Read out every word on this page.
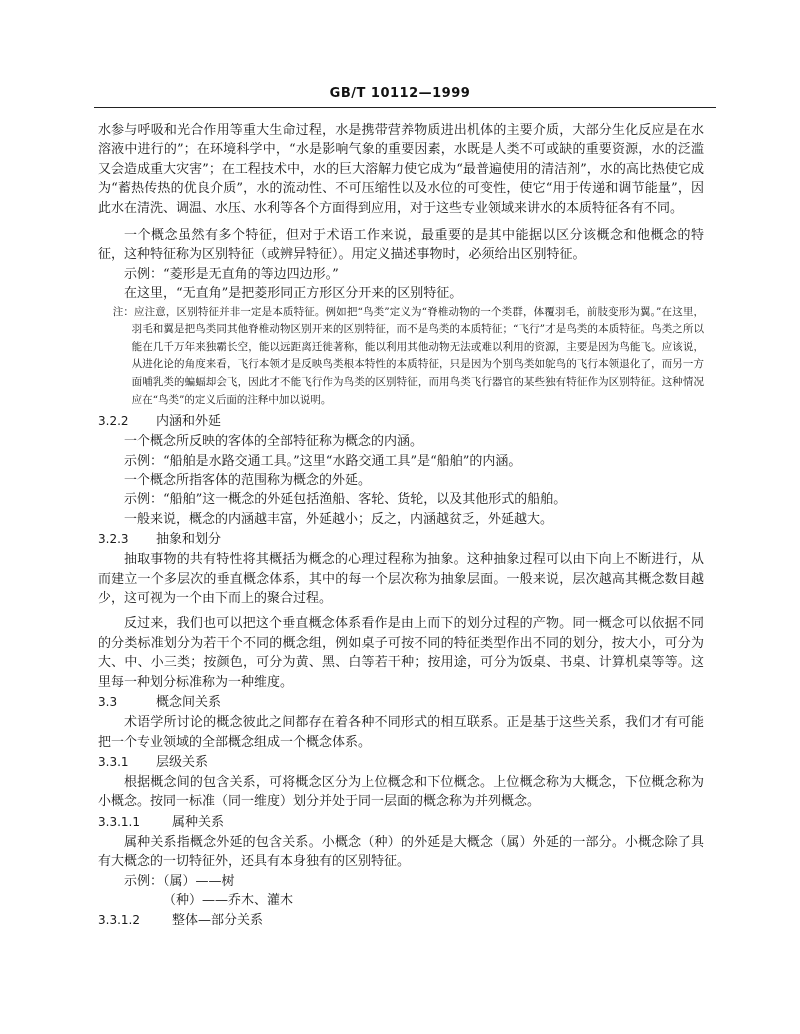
GB/T 10112—1999

水参与呼吸和光合作用等重大生命过程，水是携带营养物质进出机体的主要介质，大部分生化反应是在水溶液中进行的”；在环境科学中，“水是影响气象的重要因素，水既是人类不可或缺的重要资源，水的泛滥又会造成重大灾害”；在工程技术中，水的巨大溶解力使它成为“最普遍使用的清洁剂”，水的高比热使它成为“蓄热传热的优良介质”，水的流动性、不可压缩性以及水位的可变性，使它“用于传递和调节能量”，因此水在清洗、调温、水压、水利等各个方面得到应用，对于这些专业领域来讲水的本质特征各有不同。

一个概念虽然有多个特征，但对于术语工作来说，最重要的是其中能据以区分该概念和他概念的特征，这种特征称为区别特征（或辨异特征）。用定义描述事物时，必须给出区别特征。

示例：“菱形是无直角的等边四边形。”

在这里，“无直角”是把菱形同正方形区分开来的区别特征。

注：应注意，区别特征并非一定是本质特征。例如把“鸟类”定义为“脊椎动物的一个类群，体覆羽毛，前肢变形为翼。”在这里，羽毛和翼是把鸟类同其他脊椎动物区别开来的区别特征，而不是鸟类的本质特征；“飞行”才是鸟类的本质特征。鸟类之所以能在几千万年来独霸长空，能以远距离迁徙著称，能以利用其他动物无法或难以利用的资源，主要是因为鸟能飞。应该说，从进化论的角度来看，飞行本领才是反映鸟类根本特性的本质特征，只是因为个别鸟类如鸵鸟的飞行本领退化了，而另一方面哺乳类的蝙蝠却会飞，因此才不能飞行作为鸟类的区别特征，而用鸟类飞行器官的某些独有特征作为区别特征。这种情况应在“鸟类”的定义后面的注释中加以说明。

3.2.2 内涵和外延

一个概念所反映的客体的全部特征称为概念的内涵。

示例：“船舶是水路交通工具。”这里“水路交通工具”是“船舶”的内涵。

一个概念所指客体的范围称为概念的外延。

示例：“船舶”这一概念的外延包括渔船、客轮、货轮，以及其他形式的船舶。

一般来说，概念的内涵越丰富，外延越小；反之，内涵越贫乏，外延越大。

3.2.3 抽象和划分

抽取事物的共有特性将其概括为概念的心理过程称为抽象。这种抽象过程可以由下向上不断进行，从而建立一个多层次的垂直概念体系，其中的每一个层次称为抽象层面。一般来说，层次越高其概念数目越少，这可视为一个由下而上的聚合过程。

反过来，我们也可以把这个垂直概念体系看作是由上而下的划分过程的产物。同一概念可以依据不同的分类标准划分为若干个不同的概念组，例如桌子可按不同的特征类型作出不同的划分，按大小，可分为大、中、小三类；按颜色，可分为黄、黑、白等若干种；按用途，可分为饭桌、书桌、计算机桌等等。这里每一种划分标准称为一种维度。

3.3	概念间关系

术语学所讨论的概念彼此之间都存在着各种不同形式的相互联系。正是基于这些关系，我们才有可能把一个专业领域的全部概念组成一个概念体系。

3.3.1 层级关系

根据概念间的包含关系，可将概念区分为上位概念和下位概念。上位概念称为大概念，下位概念称为小概念。按同一标准（同一维度）划分并处于同一层面的概念称为并列概念。

3.3.1.1 属种关系

属种关系指概念外延的包含关系。小概念（种）的外延是大概念（属）外延的一部分。小概念除了具有大概念的一切特征外，还具有本身独有的区别特征。

示例：（属）——树

（种）——乔木、灌木

3.3.1.2 整体—部分关系
